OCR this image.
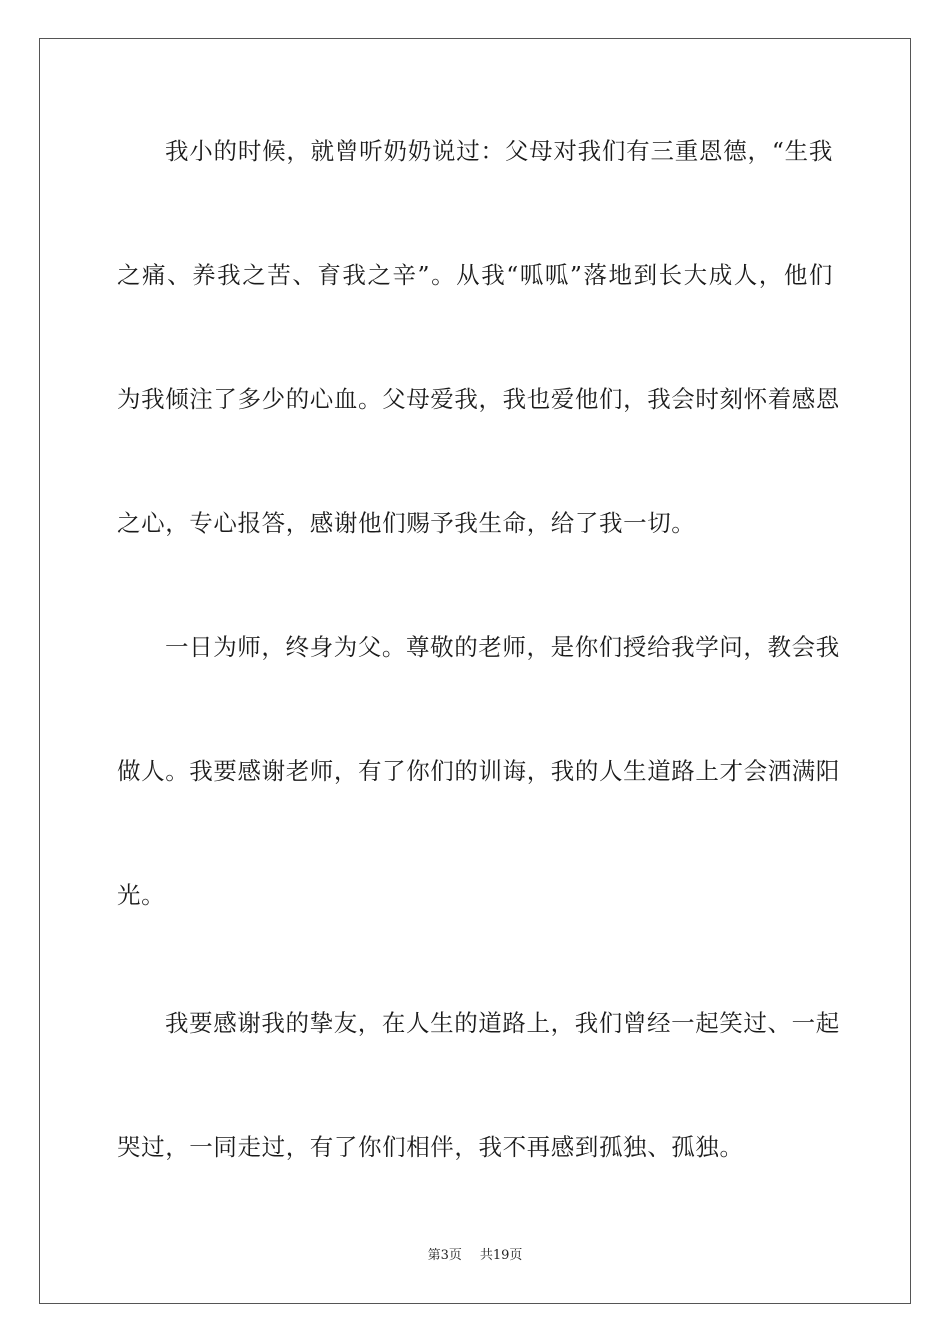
我小的时候，就曾听奶奶说过：父母对我们有三重恩德，“生我
之痛、养我之苦、育我之辛”。从我“呱呱”落地到长大成人，他们
为我倾注了多少的心血。父母爱我，我也爱他们，我会时刻怀着感恩
之心，专心报答，感谢他们赐予我生命，给了我一切。
一日为师，终身为父。尊敬的老师，是你们授给我学问，教会我
做人。我要感谢老师，有了你们的训诲，我的人生道路上才会洒满阳
光。
我要感谢我的挚友，在人生的道路上，我们曾经一起笑过、一起
哭过，一同走过，有了你们相伴，我不再感到孤独、孤独。
第3页 共19页
